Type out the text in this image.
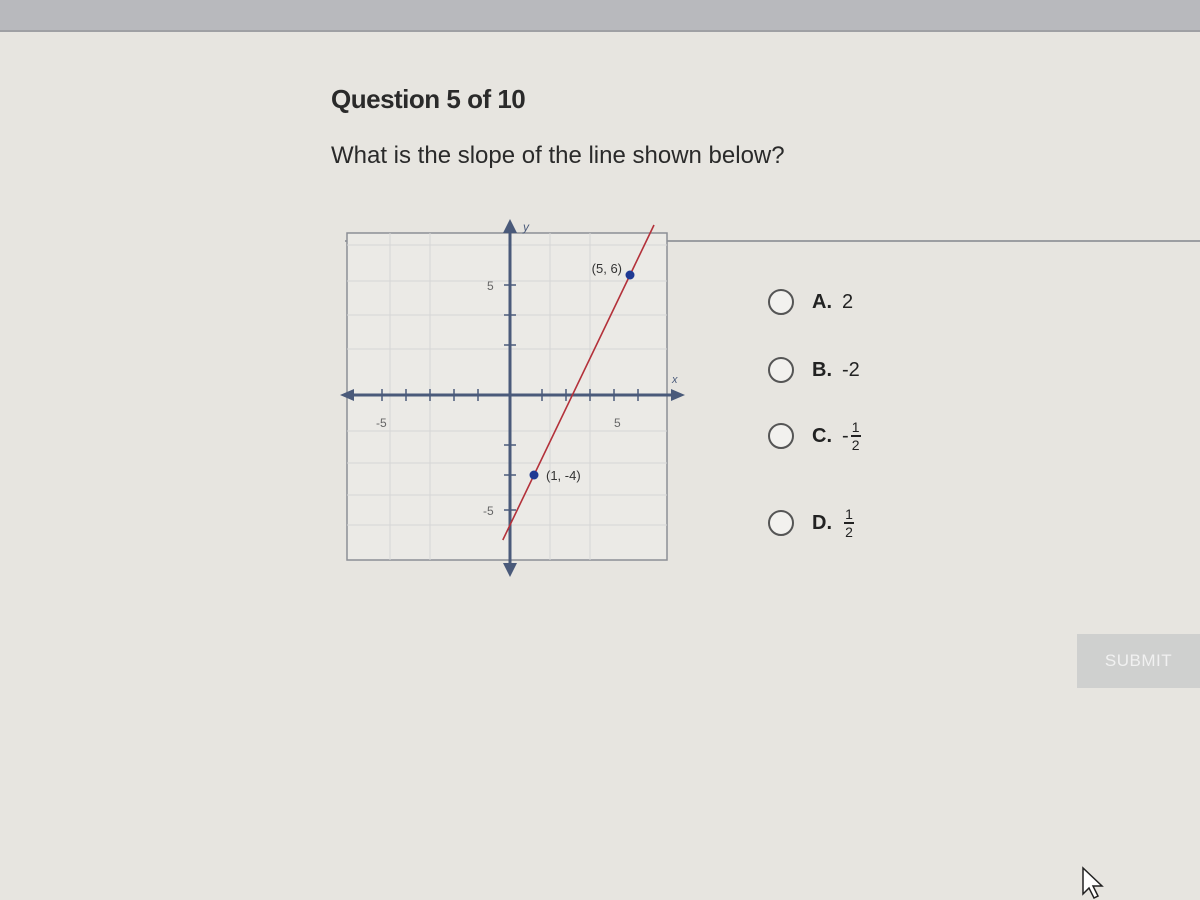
Question 5 of 10
What is the slope of the line shown below?
y
x
-5	5
5
-5
(5, 6)
(1, -4)
A. 2
B. -2
C. - $\frac{1}{2}$
D. $\frac{1}{2}$
SUBMIT
